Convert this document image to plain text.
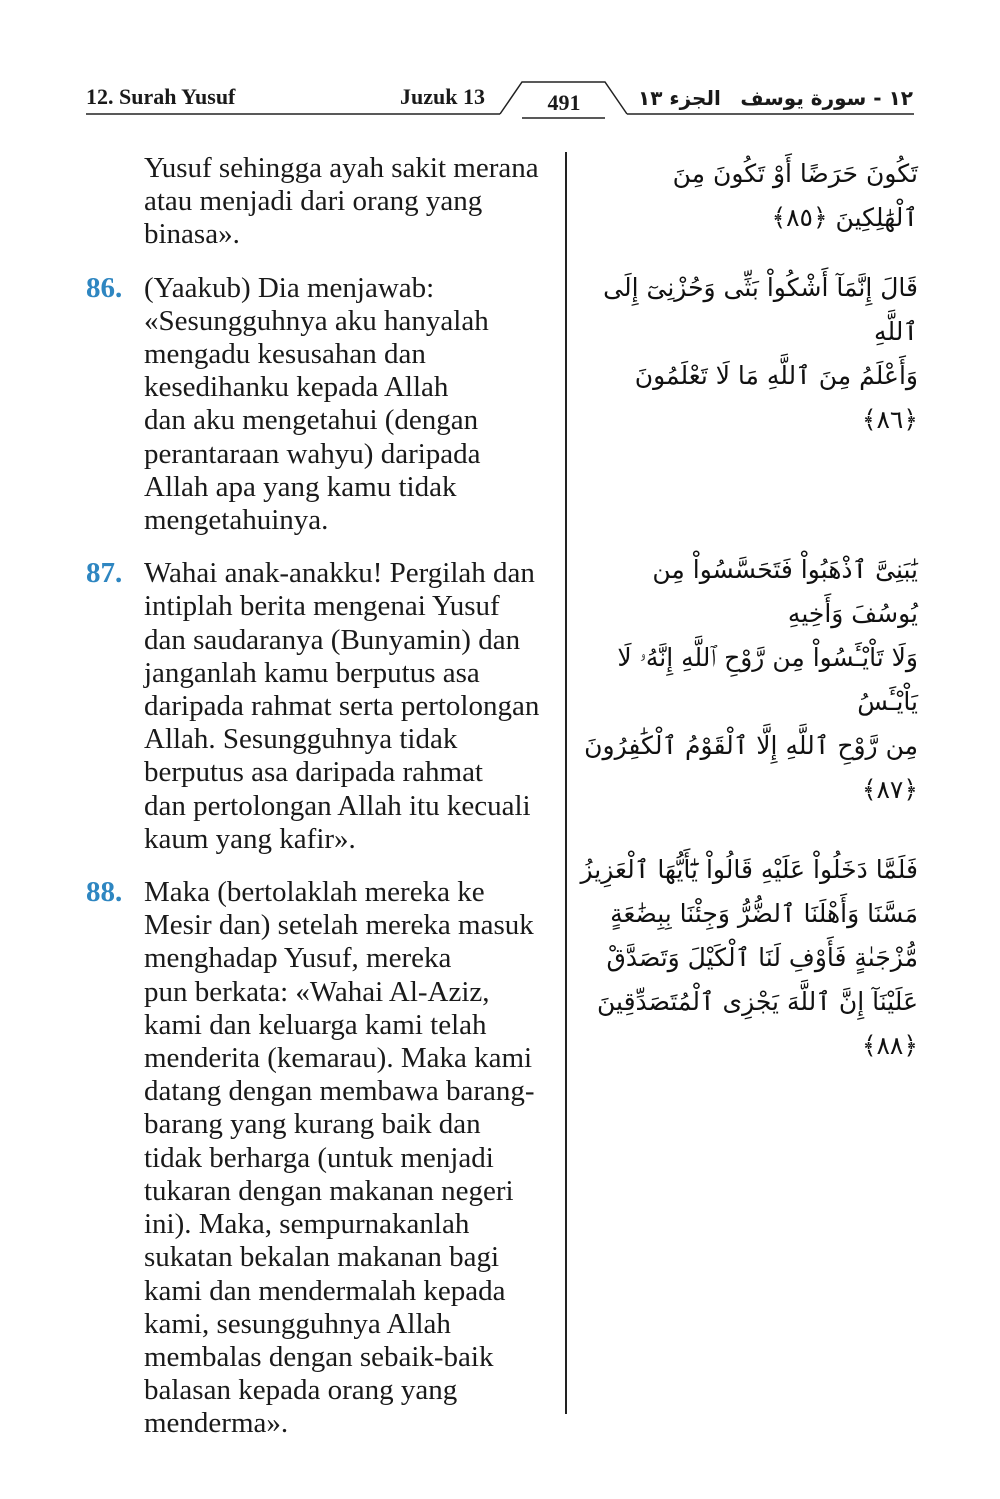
12. Surah Yusuf	Juzuk 13	491	الجزء ١٣ ١٢ - سورة يوسف
Yusuf sehingga ayah sakit merana
atau menjadi dari orang yang
binasa».
86. (Yaakub) Dia menjawab:
«Sesungguhnya aku hanyalah
mengadu kesusahan dan
kesedihanku kepada Allah
dan aku mengetahui (dengan
perantaraan wahyu) daripada
Allah apa yang kamu tidak
mengetahuinya.
87. Wahai anak-anakku! Pergilah dan
intiplah berita mengenai Yusuf
dan saudaranya (Bunyamin) dan
janganlah kamu berputus asa
daripada rahmat serta pertolongan
Allah. Sesungguhnya tidak
berputus asa daripada rahmat
dan pertolongan Allah itu kecuali
kaum yang kafir».
88. Maka (bertolaklah mereka ke
Mesir dan) setelah mereka masuk
menghadap Yusuf, mereka
pun berkata: «Wahai Al-Aziz,
kami dan keluarga kami telah
menderita (kemarau). Maka kami
datang dengan membawa barang-
barang yang kurang baik dan
tidak berharga (untuk menjadi
tukaran dengan makanan negeri
ini). Maka, sempurnakanlah
sukatan bekalan makanan bagi
kami dan mendermalah kepada
kami, sesungguhnya Allah
membalas dengan sebaik-baik
balasan kepada orang yang
menderma».
تَكُونَ حَرَضًا أَوْ تَكُونَ مِنَ
ٱلْهَٰلِكِينَ ﴿٨٥﴾
قَالَ إِنَّمَآ أَشْكُواْ بَثِّى وَحُزْنِىٓ إِلَى ٱللَّهِ
وَأَعْلَمُ مِنَ ٱللَّهِ مَا لَا تَعْلَمُونَ ﴿٨٦﴾
يَٰبَنِىَّ ٱذْهَبُواْ فَتَحَسَّسُواْ مِن يُوسُفَ وَأَخِيهِ
وَلَا تَاْيْـَٔسُواْ مِن رَّوْحِ ٱللَّهِ إِنَّهُۥ لَا يَاْيْـَٔسُ
مِن رَّوْحِ ٱللَّهِ إِلَّا ٱلْقَوْمُ ٱلْكَٰفِرُونَ ﴿٨٧﴾
فَلَمَّا دَخَلُواْ عَلَيْهِ قَالُواْ يَٰٓأَيُّهَا ٱلْعَزِيزُ
مَسَّنَا وَأَهْلَنَا ٱلضُّرُّ وَجِئْنَا بِبِضَٰعَةٍ
مُّزْجَىٰةٍ فَأَوْفِ لَنَا ٱلْكَيْلَ وَتَصَدَّقْ
عَلَيْنَآ إِنَّ ٱللَّهَ يَجْزِى ٱلْمُتَصَدِّقِينَ ﴿٨٨﴾
